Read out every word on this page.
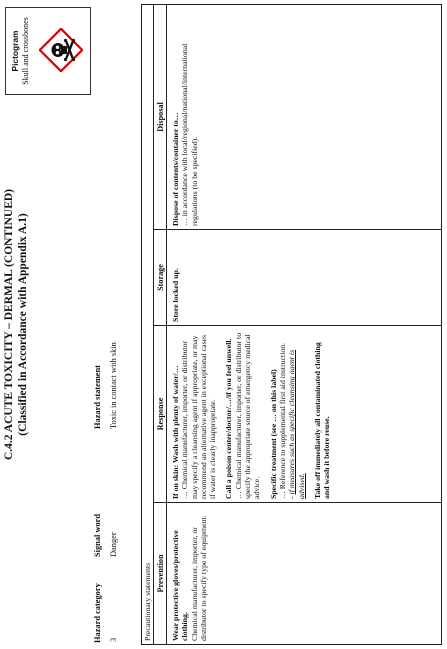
C.4.2 ACUTE TOXICITY – DERMAL (CONTINUED) (Classified in Accordance with Appendix A.1)
Hazard category 3
Signal word Danger
Hazard statement Toxic in contact with skin
Pictogram Skull and crossbones
Precautionary statements Prevention Wear protective gloves/protective clothing. Chemical manufacturer, importer, or distributor to specify type of equipment.
Response If on skin: Wash with plenty of water/… … Chemical manufacturer, importer, or distributor may specify a cleansing agent if appropriate, or may recommend an alternative agent in exceptional cases if water is clearly inappropriate. Call a poison center/doctor/…/if you feel unwell. … Chemical manufacturer, importer, or distributor to specify the appropriate source of emergency medical advice. Specific treatment (see … on this label) … Reference to supplemental first aid instruction. - if measures such as specific cleansing agent is advised. Take off immediately all contaminated clothing and wash it before reuse.
Storage Store locked up.
Disposal Dispose of contents/container to… … in accordance with local/regional/national/international regulations (to be specified).
